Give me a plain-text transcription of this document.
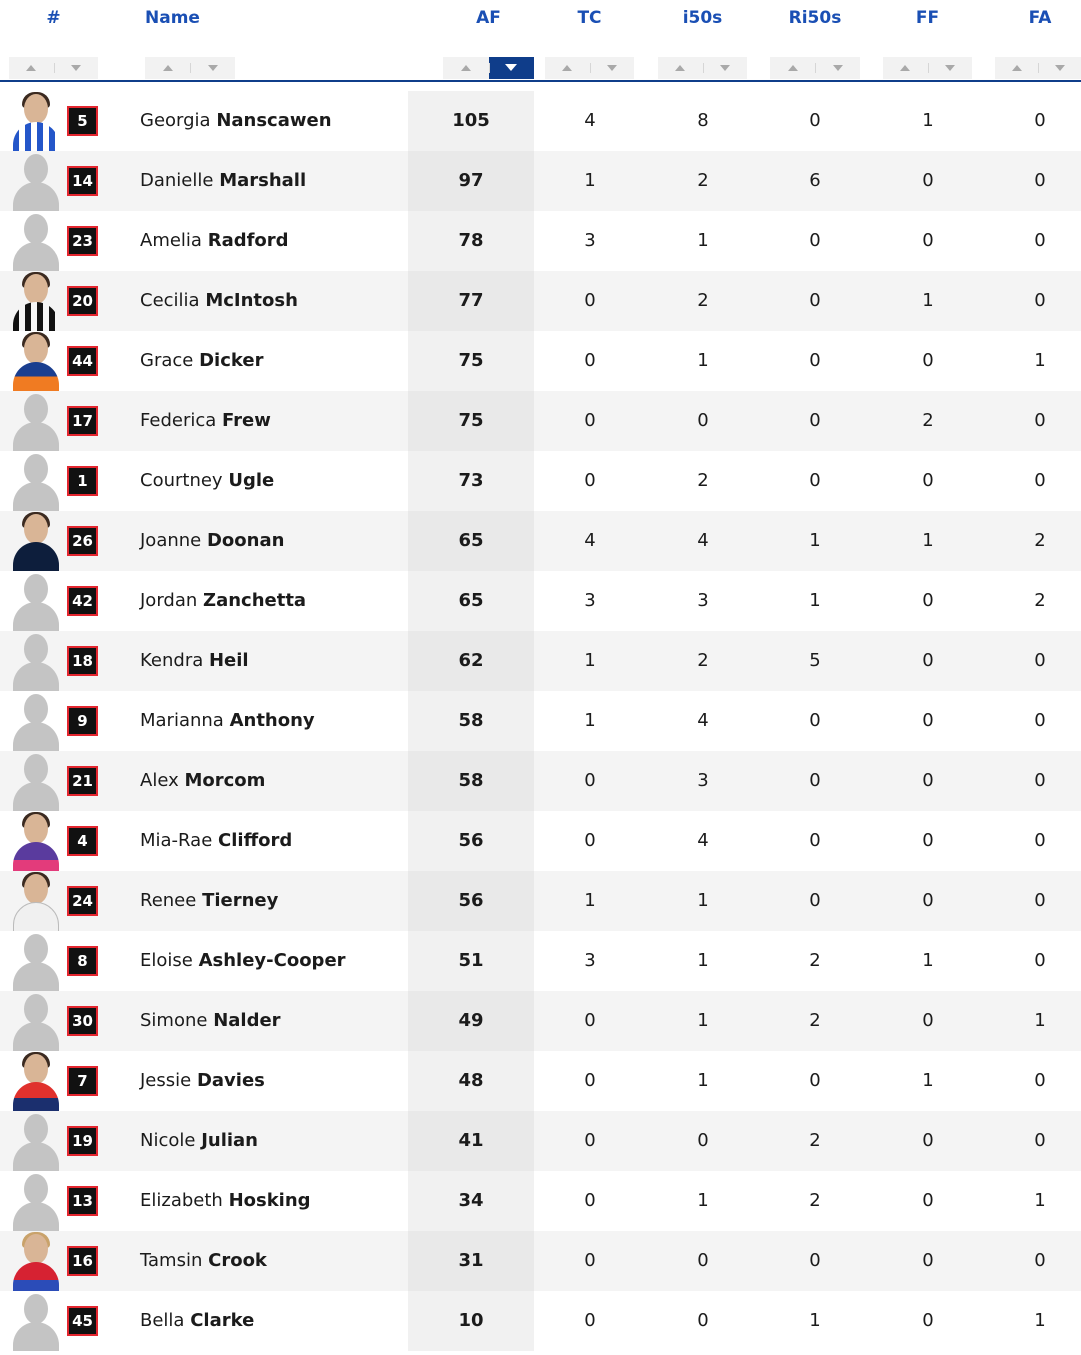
#	Name	AF	TC	i50s	Ri50s	FF	FA
5	Georgia Nanscawen	105	4	8	0	1	0
14	Danielle Marshall	97	1	2	6	0	0
23	Amelia Radford	78	3	1	0	0	0
20	Cecilia McIntosh	77	0	2	0	1	0
44	Grace Dicker	75	0	1	0	0	1
17	Federica Frew	75	0	0	0	2	0
1	Courtney Ugle	73	0	2	0	0	0
26	Joanne Doonan	65	4	4	1	1	2
42	Jordan Zanchetta	65	3	3	1	0	2
18	Kendra Heil	62	1	2	5	0	0
9	Marianna Anthony	58	1	4	0	0	0
21	Alex Morcom	58	0	3	0	0	0
4	Mia-Rae Clifford	56	0	4	0	0	0
24	Renee Tierney	56	1	1	0	0	0
8	Eloise Ashley-Cooper	51	3	1	2	1	0
30	Simone Nalder	49	0	1	2	0	1
7	Jessie Davies	48	0	1	0	1	0
19	Nicole Julian	41	0	0	2	0	0
13	Elizabeth Hosking	34	0	1	2	0	1
16	Tamsin Crook	31	0	0	0	0	0
45	Bella Clarke	10	0	0	1	0	1
